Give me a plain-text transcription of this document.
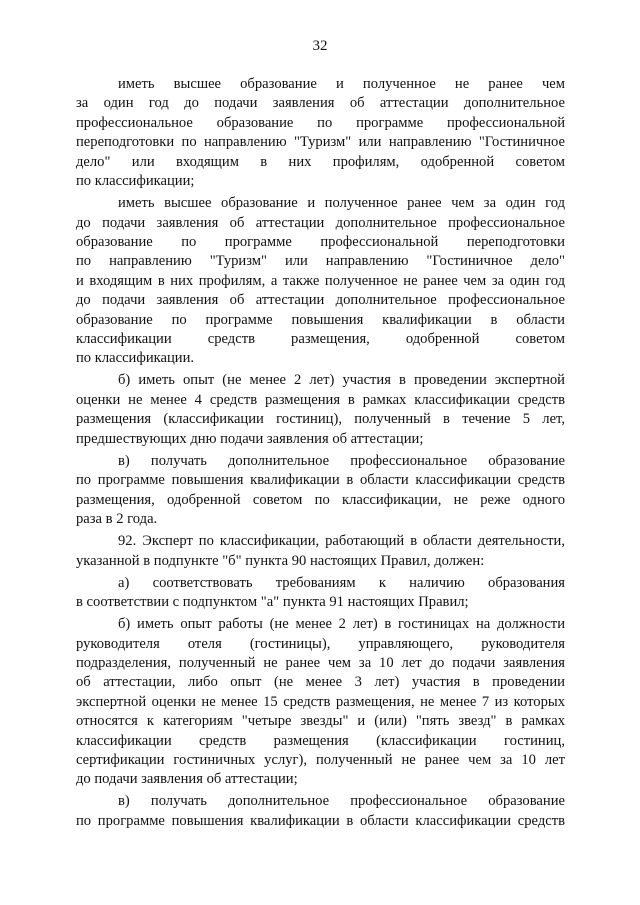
32
иметь высшее образование и полученное не ранее чем
за один год до подачи заявления об аттестации дополнительное
профессиональное образование по программе профессиональной
переподготовки по направлению "Туризм" или направлению "Гостиничное
дело" или входящим в них профилям, одобренной советом
по классификации;
иметь высшее образование и полученное ранее чем за один год
до подачи заявления об аттестации дополнительное профессиональное
образование по программе профессиональной переподготовки
по направлению "Туризм" или направлению "Гостиничное дело"
и входящим в них профилям, а также полученное не ранее чем за один год
до подачи заявления об аттестации дополнительное профессиональное
образование по программе повышения квалификации в области
классификации средств размещения, одобренной советом
по классификации.
б) иметь опыт (не менее 2 лет) участия в проведении экспертной
оценки не менее 4 средств размещения в рамках классификации средств
размещения (классификации гостиниц), полученный в течение 5 лет,
предшествующих дню подачи заявления об аттестации;
в) получать дополнительное профессиональное образование
по программе повышения квалификации в области классификации средств
размещения, одобренной советом по классификации, не реже одного
раза в 2 года.
92. Эксперт по классификации, работающий в области деятельности,
указанной в подпункте "б" пункта 90 настоящих Правил, должен:
а) соответствовать требованиям к наличию образования
в соответствии с подпунктом "а" пункта 91 настоящих Правил;
б) иметь опыт работы (не менее 2 лет) в гостиницах на должности
руководителя отеля (гостиницы), управляющего, руководителя
подразделения, полученный не ранее чем за 10 лет до подачи заявления
об аттестации, либо опыт (не менее 3 лет) участия в проведении
экспертной оценки не менее 15 средств размещения, не менее 7 из которых
относятся к категориям "четыре звезды" и (или) "пять звезд" в рамках
классификации средств размещения (классификации гостиниц,
сертификации гостиничных услуг), полученный не ранее чем за 10 лет
до подачи заявления об аттестации;
в) получать дополнительное профессиональное образование
по программе повышения квалификации в области классификации средств
